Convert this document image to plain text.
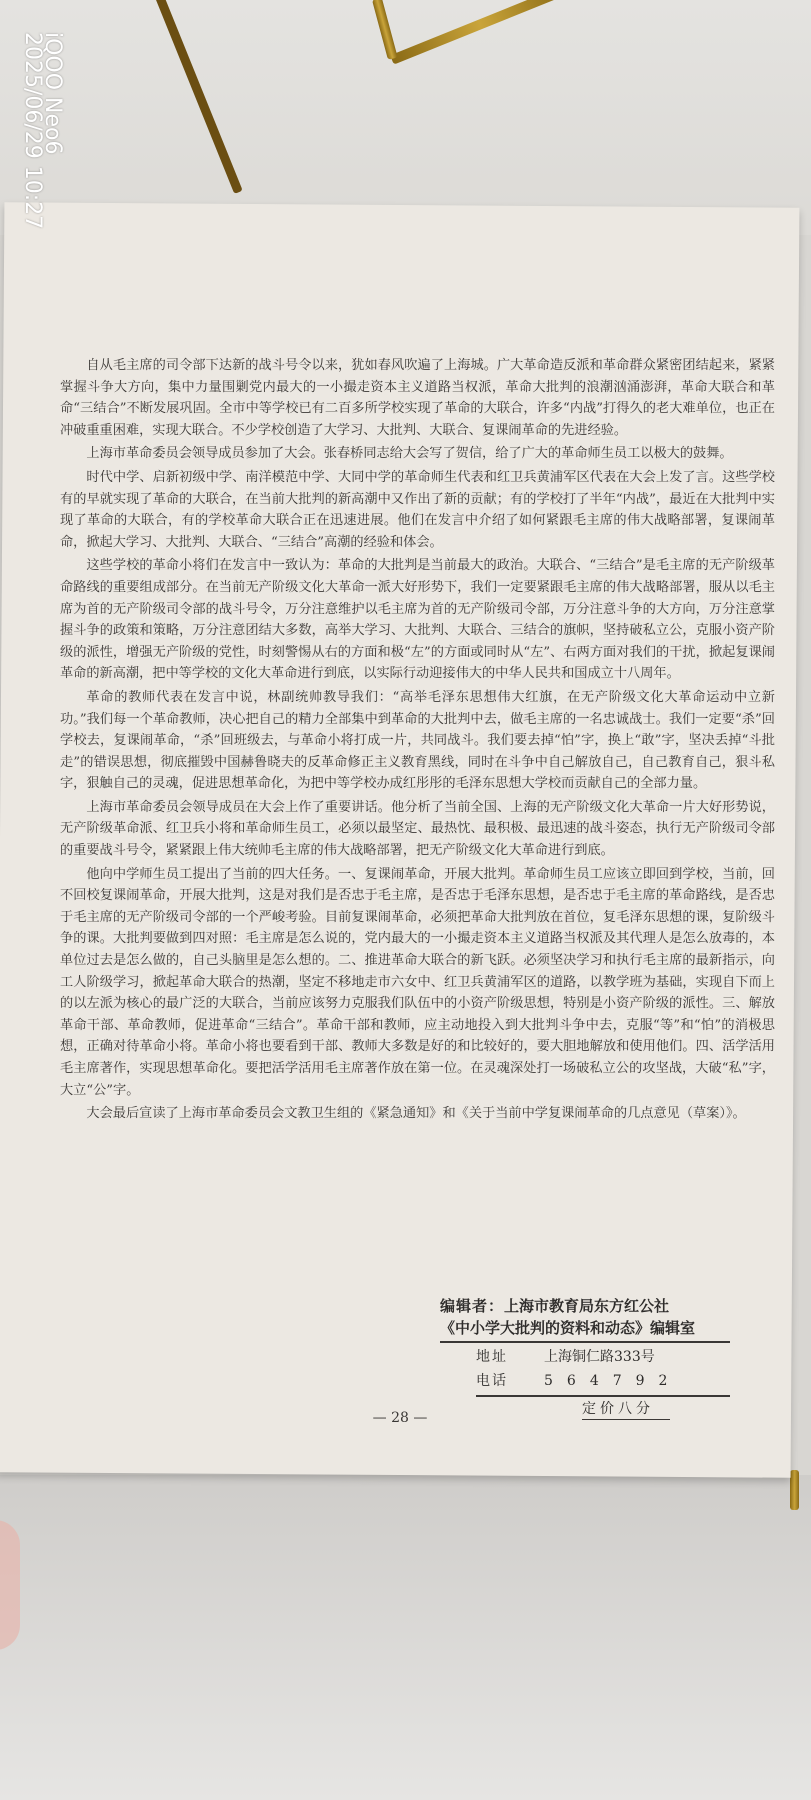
iQOO Neo6
2025/06/29 10:27

自从毛主席的司令部下达新的战斗号令以来，犹如春风吹遍了上海城。广大革命造反派和革命群众紧密团结起来，紧紧掌握斗争大方向，集中力量围剿党内最大的一小撮走资本主义道路当权派，革命大批判的浪潮汹涌澎湃，革命大联合和革命“三结合”不断发展巩固。全市中等学校已有二百多所学校实现了革命的大联合，许多“内战”打得久的老大难单位，也正在冲破重重困难，实现大联合。不少学校创造了大学习、大批判、大联合、复课闹革命的先进经验。

上海市革命委员会领导成员参加了大会。张春桥同志给大会写了贺信，给了广大的革命师生员工以极大的鼓舞。

时代中学、启新初级中学、南洋模范中学、大同中学的革命师生代表和红卫兵黄浦军区代表在大会上发了言。这些学校有的早就实现了革命的大联合，在当前大批判的新高潮中又作出了新的贡献；有的学校打了半年“内战”，最近在大批判中实现了革命的大联合，有的学校革命大联合正在迅速进展。他们在发言中介绍了如何紧跟毛主席的伟大战略部署，复课闹革命，掀起大学习、大批判、大联合、“三结合”高潮的经验和体会。

这些学校的革命小将们在发言中一致认为：革命的大批判是当前最大的政治。大联合、“三结合”是毛主席的无产阶级革命路线的重要组成部分。在当前无产阶级文化大革命一派大好形势下，我们一定要紧跟毛主席的伟大战略部署，服从以毛主席为首的无产阶级司令部的战斗号令，万分注意维护以毛主席为首的无产阶级司令部，万分注意斗争的大方向，万分注意掌握斗争的政策和策略，万分注意团结大多数，高举大学习、大批判、大联合、三结合的旗帜，坚持破私立公，克服小资产阶级的派性，增强无产阶级的党性，时刻警惕从右的方面和极“左”的方面或同时从“左”、右两方面对我们的干扰，掀起复课闹革命的新高潮，把中等学校的文化大革命进行到底，以实际行动迎接伟大的中华人民共和国成立十八周年。

革命的教师代表在发言中说，林副统帅教导我们：“高举毛泽东思想伟大红旗，在无产阶级文化大革命运动中立新功。”我们每一个革命教师，决心把自己的精力全部集中到革命的大批判中去，做毛主席的一名忠诚战士。我们一定要“杀”回学校去，复课闹革命，“杀”回班级去，与革命小将打成一片，共同战斗。我们要去掉“怕”字，换上“敢”字，坚决丢掉“斗批走”的错误思想，彻底摧毁中国赫鲁晓夫的反革命修正主义教育黑线，同时在斗争中自己解放自己，自己教育自己，狠斗私字，狠触自己的灵魂，促进思想革命化，为把中等学校办成红彤彤的毛泽东思想大学校而贡献自己的全部力量。

上海市革命委员会领导成员在大会上作了重要讲话。他分析了当前全国、上海的无产阶级文化大革命一片大好形势说，无产阶级革命派、红卫兵小将和革命师生员工，必须以最坚定、最热忱、最积极、最迅速的战斗姿态，执行无产阶级司令部的重要战斗号令，紧紧跟上伟大统帅毛主席的伟大战略部署，把无产阶级文化大革命进行到底。

他向中学师生员工提出了当前的四大任务。一、复课闹革命，开展大批判。革命师生员工应该立即回到学校，当前，回不回校复课闹革命，开展大批判，这是对我们是否忠于毛主席，是否忠于毛泽东思想，是否忠于毛主席的革命路线，是否忠于毛主席的无产阶级司令部的一个严峻考验。目前复课闹革命，必须把革命大批判放在首位，复毛泽东思想的课，复阶级斗争的课。大批判要做到四对照：毛主席是怎么说的，党内最大的一小撮走资本主义道路当权派及其代理人是怎么放毒的，本单位过去是怎么做的，自己头脑里是怎么想的。二、推进革命大联合的新飞跃。必须坚决学习和执行毛主席的最新指示，向工人阶级学习，掀起革命大联合的热潮，坚定不移地走市六女中、红卫兵黄浦军区的道路，以教学班为基础，实现自下而上的以左派为核心的最广泛的大联合，当前应该努力克服我们队伍中的小资产阶级思想，特别是小资产阶级的派性。三、解放革命干部、革命教师，促进革命“三结合”。革命干部和教师，应主动地投入到大批判斗争中去，克服“等”和“怕”的消极思想，正确对待革命小将。革命小将也要看到干部、教师大多数是好的和比较好的，要大胆地解放和使用他们。四、活学活用毛主席著作，实现思想革命化。要把活学活用毛主席著作放在第一位。在灵魂深处打一场破私立公的攻坚战，大破“私”字，大立“公”字。

大会最后宣读了上海市革命委员会文教卫生组的《紧急通知》和《关于当前中学复课闹革命的几点意见（草案）》。

编辑者：上海市教育局东方红公社
《中小学大批判的资料和动态》编辑室
地址	上海铜仁路333号
电话	564792
定价八分
— 28 —
